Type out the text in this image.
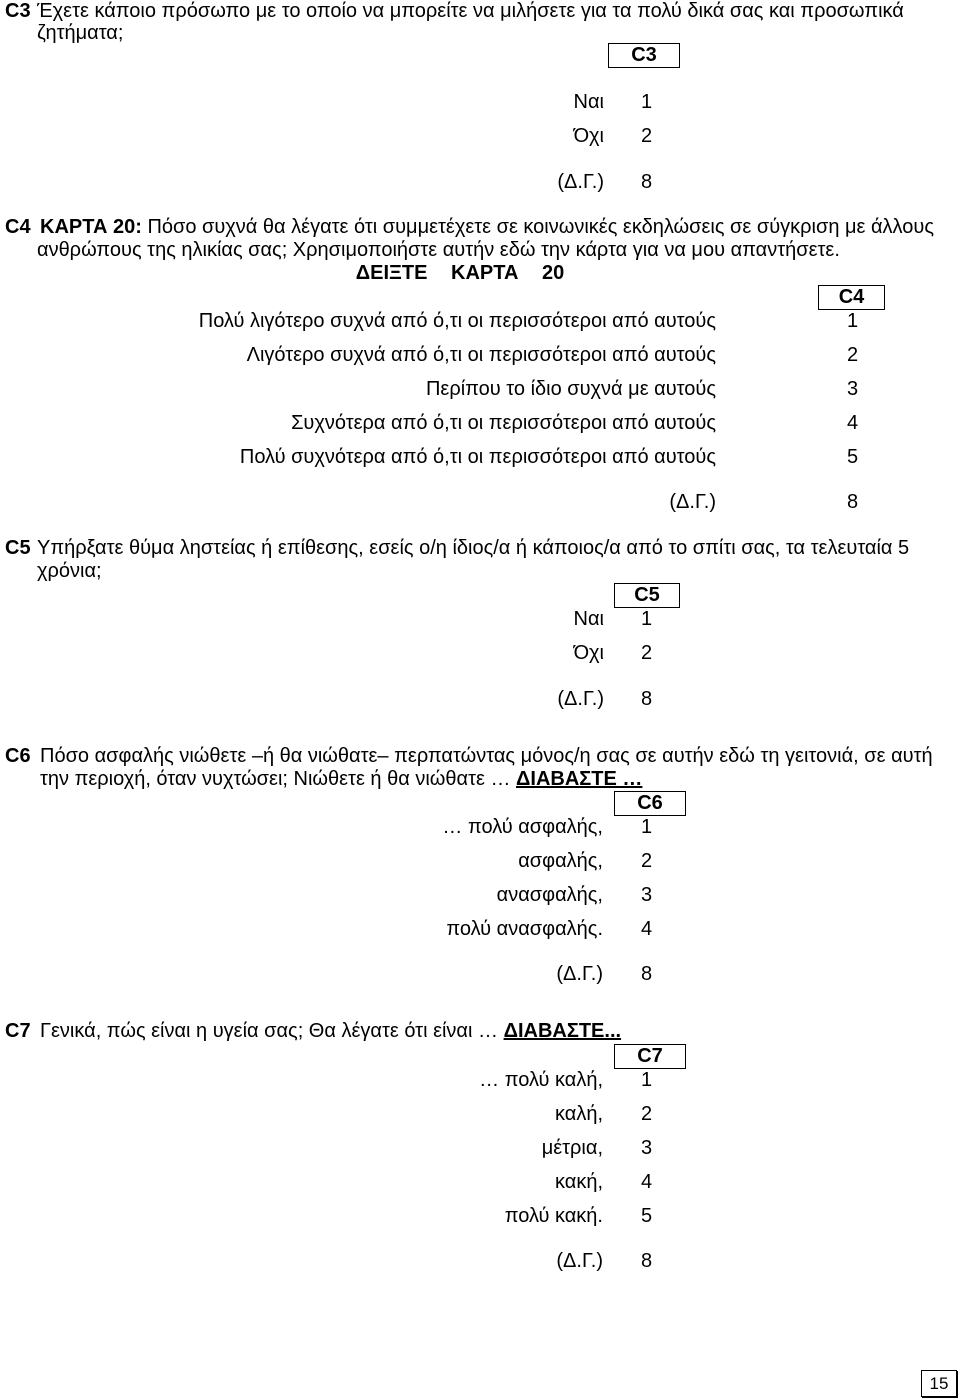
C3 Έχετε κάποιο πρόσωπο με το οποίο να μπορείτε να μιλήσετε για τα πολύ δικά σας και προσωπικά
ζητήματα;
C3
Ναι 1
Όχι 2
(Δ.Γ.) 8
C4 ΚΑΡΤΑ 20: Πόσο συχνά θα λέγατε ότι συμμετέχετε σε κοινωνικές εκδηλώσεις σε σύγκριση με άλλους
ανθρώπους της ηλικίας σας; Χρησιμοποιήστε αυτήν εδώ την κάρτα για να μου απαντήσετε.
ΔΕΙΞΤΕ ΚΑΡΤΑ 20
C4
Πολύ λιγότερο συχνά από ό,τι οι περισσότεροι από αυτούς	1
Λιγότερο συχνά από ό,τι οι περισσότεροι από αυτούς	2
Περίπου το ίδιο συχνά με αυτούς	3
Συχνότερα από ό,τι οι περισσότεροι από αυτούς	4
Πολύ συχνότερα από ό,τι οι περισσότεροι από αυτούς	5
(Δ.Γ.)	8
C5 Υπήρξατε θύμα ληστείας ή επίθεσης, εσείς ο/η ίδιος/α ή κάποιος/α από το σπίτι σας, τα τελευταία 5
χρόνια;
C5
Ναι 1
Όχι 2
(Δ.Γ.) 8
C6 Πόσο ασφαλής νιώθετε –ή θα νιώθατε– περπατώντας μόνος/η σας σε αυτήν εδώ τη γειτονιά, σε αυτή
την περιοχή, όταν νυχτώσει; Νιώθετε ή θα νιώθατε … ΔΙΑΒΑΣΤΕ …
C6
… πολύ ασφαλής, 1
ασφαλής, 2
ανασφαλής, 3
πολύ ανασφαλής. 4
(Δ.Γ.) 8
C7 Γενικά, πώς είναι η υγεία σας; Θα λέγατε ότι είναι … ΔΙΑΒΑΣΤΕ...
C7
… πολύ καλή, 1
καλή, 2
μέτρια, 3
κακή, 4
πολύ κακή. 5
(Δ.Γ.) 8
15
